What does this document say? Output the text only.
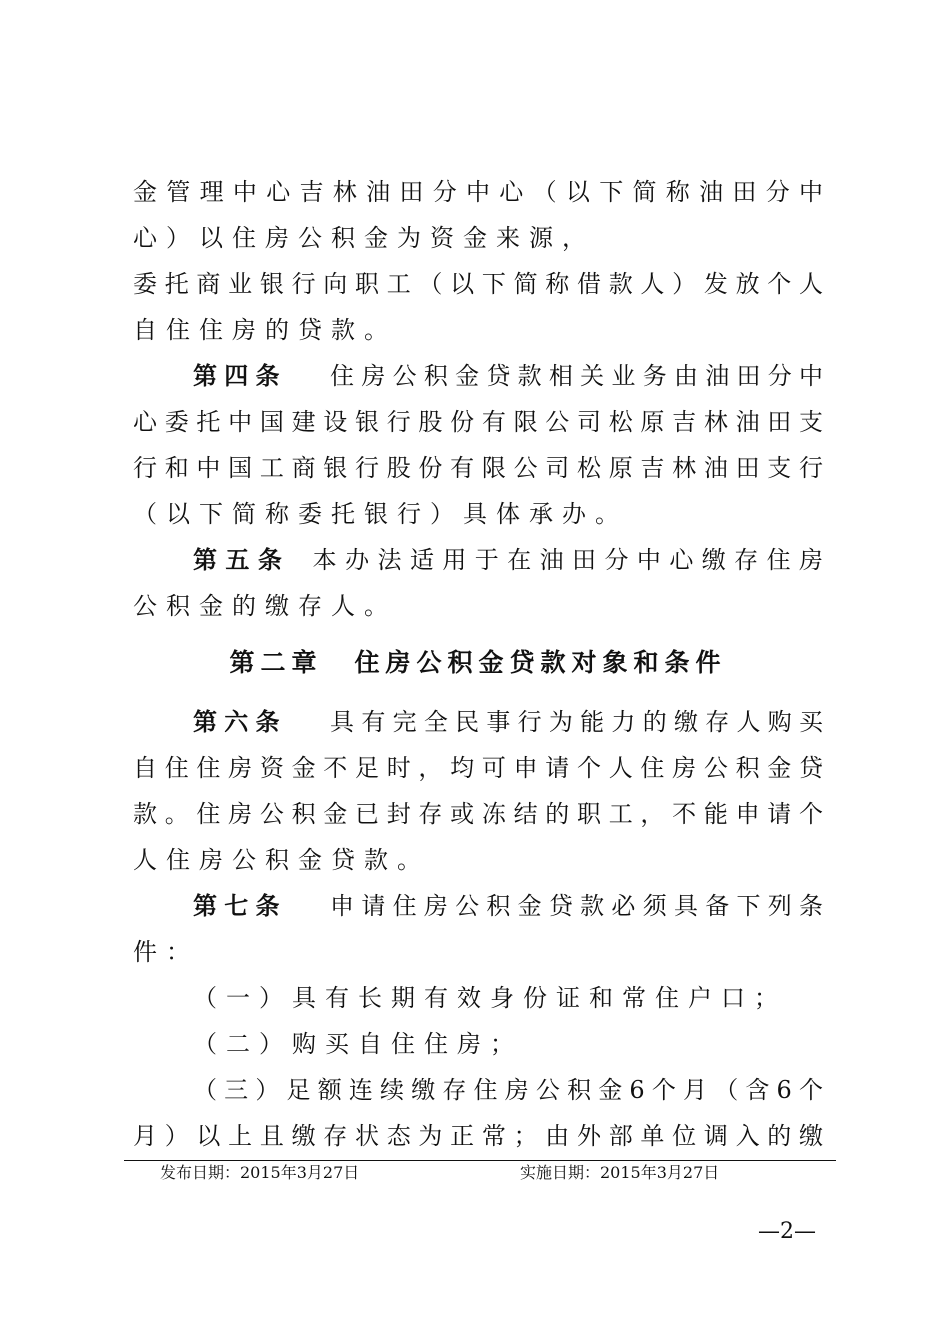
金管理中心吉林油田分中心（以下简称油田分中
心）以住房公积金为资金来源，
委托商业银行向职工（以下简称借款人）发放个人
自住住房的贷款。
第四条 住房公积金贷款相关业务由油田分中
心委托中国建设银行股份有限公司松原吉林油田支
行和中国工商银行股份有限公司松原吉林油田支行
（以下简称委托银行）具体承办。
第五条 本办法适用于在油田分中心缴存住房
公积金的缴存人。
第二章 住房公积金贷款对象和条件
第六条 具有完全民事行为能力的缴存人购买
自住住房资金不足时，均可申请个人住房公积金贷
款。住房公积金已封存或冻结的职工，不能申请个
人住房公积金贷款。
第七条 申请住房公积金贷款必须具备下列条
件：
（一）具有长期有效身份证和常住户口；
（二）购买自住住房；
（三）足额连续缴存住房公积金6个月（含6个
月）以上且缴存状态为正常；由外部单位调入的缴
发布日期：2015年3月27日	实施日期：2015年3月27日
—2—
